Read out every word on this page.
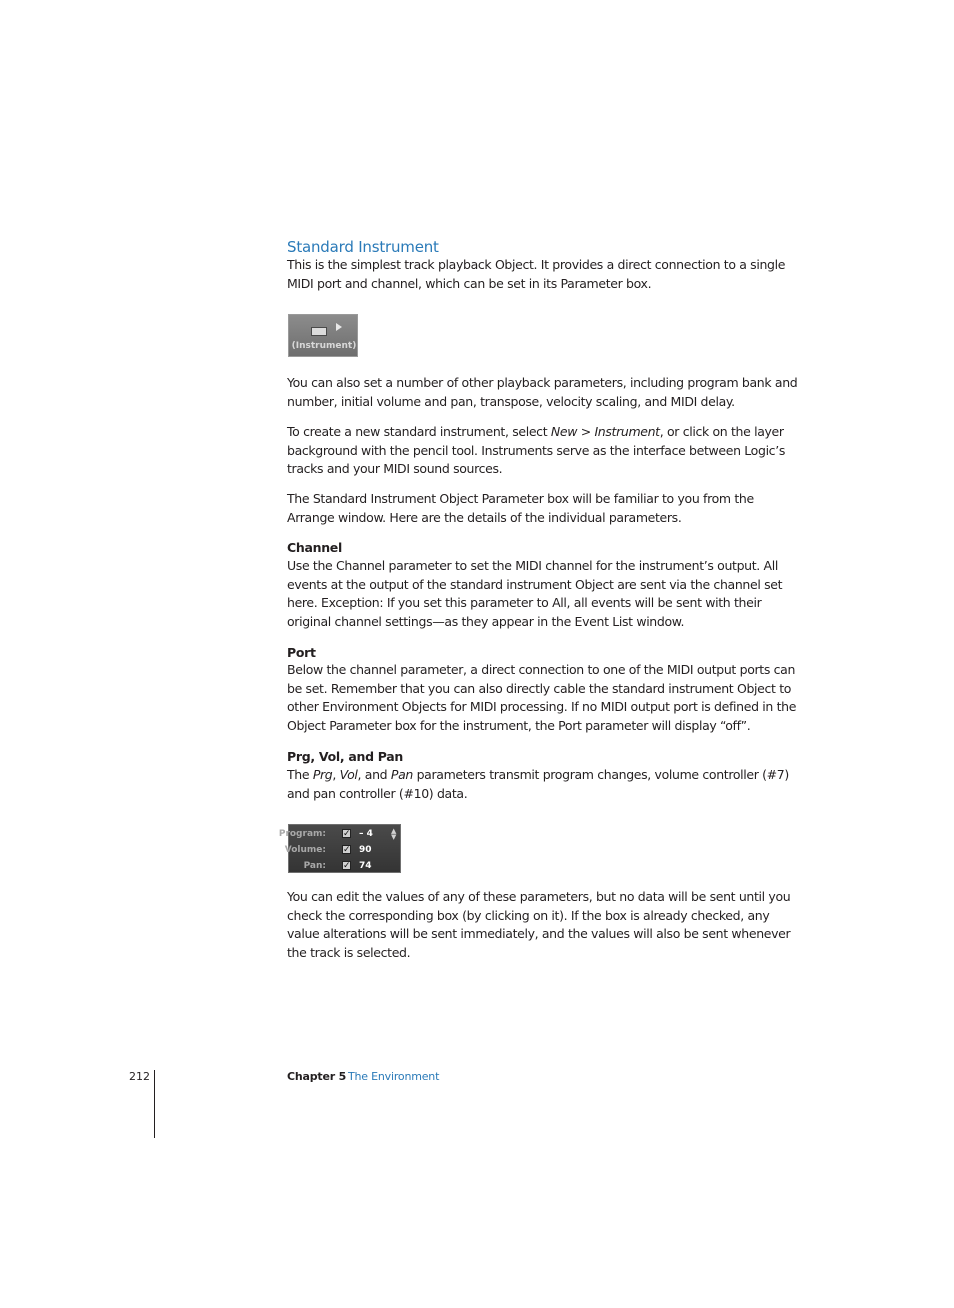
Standard Instrument

This is the simplest track playback Object. It provides a direct connection to a single MIDI port and channel, which can be set in its Parameter box.

(Instrument)

You can also set a number of other playback parameters, including program bank and number, initial volume and pan, transpose, velocity scaling, and MIDI delay.

To create a new standard instrument, select New > Instrument, or click on the layer background with the pencil tool. Instruments serve as the interface between Logic’s tracks and your MIDI sound sources.

The Standard Instrument Object Parameter box will be familiar to you from the Arrange window. Here are the details of the individual parameters.

Channel

Use the Channel parameter to set the MIDI channel for the instrument’s output. All events at the output of the standard instrument Object are sent via the channel set here. Exception: If you set this parameter to All, all events will be sent with their original channel settings—as they appear in the Event List window.

Port

Below the channel parameter, a direct connection to one of the MIDI output ports can be set. Remember that you can also directly cable the standard instrument Object to other Environment Objects for MIDI processing. If no MIDI output port is defined in the Object Parameter box for the instrument, the Port parameter will display “off”.

Prg, Vol, and Pan

The Prg, Vol, and Pan parameters transmit program changes, volume controller (#7) and pan controller (#10) data.

Program: ✓ – 4	▲
▼
Volume: ✓ 90
Pan: ✓ 74

You can edit the values of any of these parameters, but no data will be sent until you check the corresponding box (by clicking on it). If the box is already checked, any value alterations will be sent immediately, and the values will also be sent whenever the track is selected.

212	Chapter 5 The Environment
